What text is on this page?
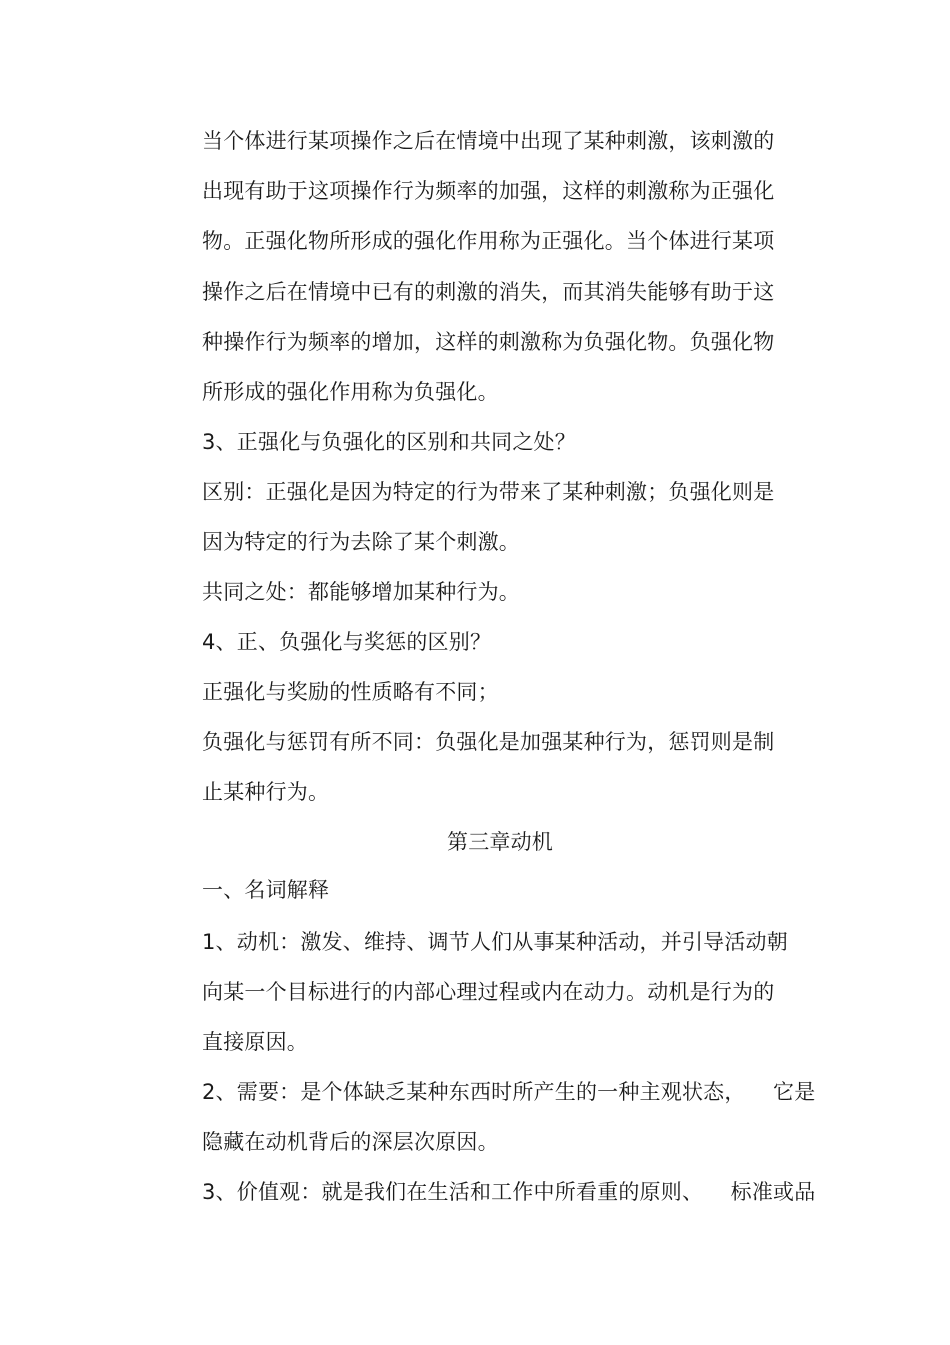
当个体进行某项操作之后在情境中出现了某种刺激，该刺激的
出现有助于这项操作行为频率的加强，这样的刺激称为正强化
物。正强化物所形成的强化作用称为正强化。当个体进行某项
操作之后在情境中已有的刺激的消失，而其消失能够有助于这
种操作行为频率的增加，这样的刺激称为负强化物。负强化物
所形成的强化作用称为负强化。
3、正强化与负强化的区别和共同之处？
区别：正强化是因为特定的行为带来了某种刺激；负强化则是
因为特定的行为去除了某个刺激。
共同之处：都能够增加某种行为。
4、正、负强化与奖惩的区别？
正强化与奖励的性质略有不同；
负强化与惩罚有所不同：负强化是加强某种行为，惩罚则是制
止某种行为。
第三章动机
一、名词解释
1、动机：激发、维持、调节人们从事某种活动，并引导活动朝
向某一个目标进行的内部心理过程或内在动力。动机是行为的
直接原因。
2、需要：是个体缺乏某种东西时所产生的一种主观状态，    它是
隐藏在动机背后的深层次原因。
3、价值观：就是我们在生活和工作中所看重的原则、    标准或品
